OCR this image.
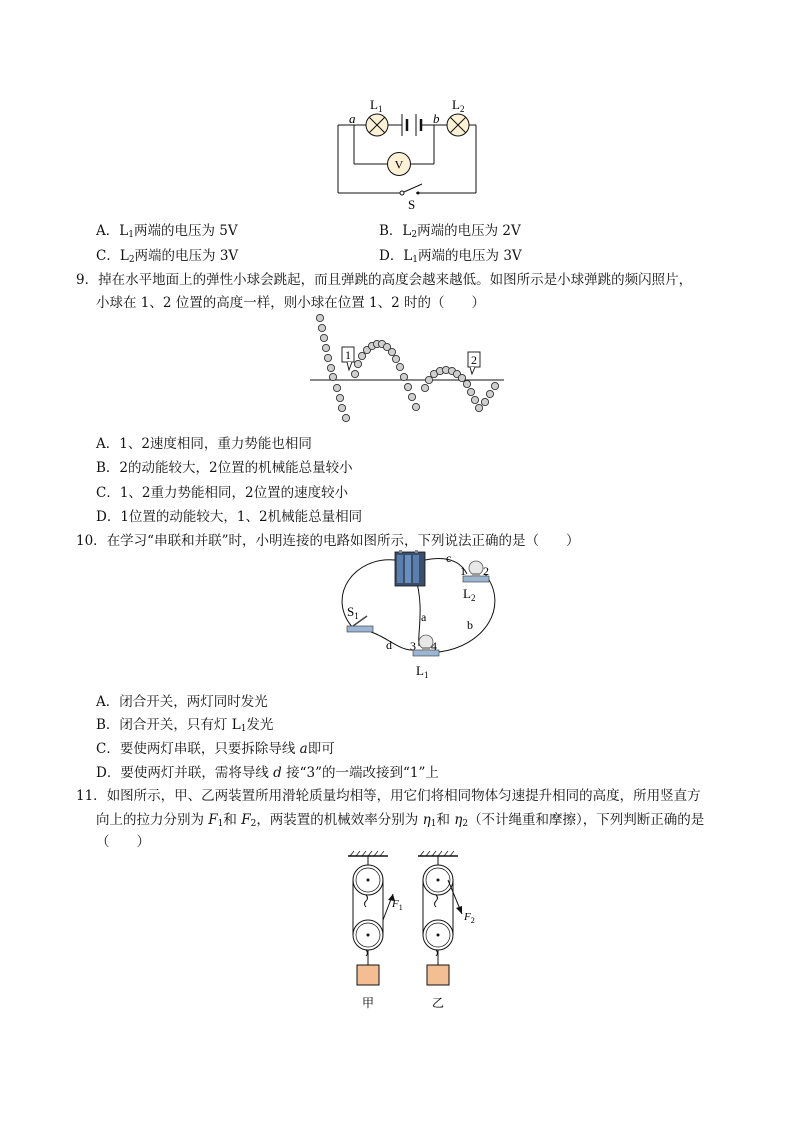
V
$L_1$	$L_2$
a	b
S
A．$L_1$两端的电压为 5V	B．$L_2$两端的电压为 2V
C．$L_2$两端的电压为 3V	D．$L_1$两端的电压为 3V
9．掉在水平地面上的弹性小球会跳起，而且弹跳的高度会越来越低。如图所示是小球弹跳的频闪照片，
小球在 1、2 位置的高度一样，则小球在位置 1、2 时的（　　）
1	2
A．1、2速度相同，重力势能也相同
B．2的动能较大，2位置的机械能总量较小
C．1、2重力势能相同，2位置的速度较小
D．1位置的动能较大，1、2机械能总量相同
10．在学习“串联和并联”时，小明连接的电路如图所示，下列说法正确的是（　　）
c
a
b
d
$S_1$
$L_2$
$L_1$
1 2
3 4
A．闭合开关，两灯同时发光
B．闭合开关，只有灯 $L_1$发光
C．要使两灯串联，只要拆除导线 a即可
D．要使两灯并联，需将导线 d 接“3”的一端改接到“1”上
11．如图所示，甲、乙两装置所用滑轮质量均相等，用它们将相同物体匀速提升相同的高度，所用竖直方
向上的拉力分别为 $F_1$和 $F_2$，两装置的机械效率分别为 $\eta_1$和 $\eta_2$（不计绳重和摩擦），下列判断正确的是
（　　）
$F_1$
$F_2$
甲	乙
